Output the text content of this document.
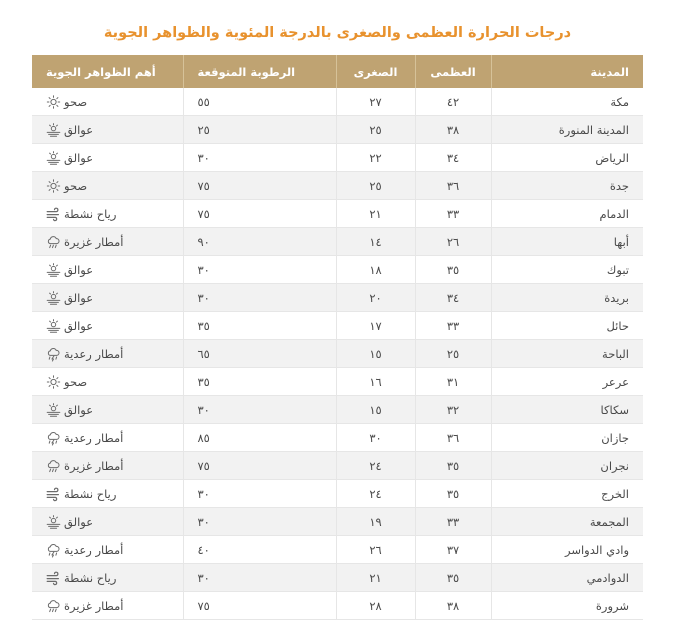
درجات الحرارة العظمى والصغرى بالدرجة المئوية والظواهر الجوية
المدينة	العظمى	الصغرى	الرطوبة المتوقعة	أهم الظواهر الجوية
مكة	٤٢	٢٧	٥٥	صحو

المدينة المنورة	٣٨	٢٥	٢٥	عوالق

الرياض	٣٤	٢٢	٣٠	عوالق

جدة	٣٦	٢٥	٧٥	صحو

الدمام	٣٣	٢١	٧٥	رياح نشطة

أبها	٢٦	١٤	٩٠	أمطار غزيرة

تبوك	٣٥	١٨	٣٠	عوالق

بريدة	٣٤	٢٠	٣٠	عوالق

حائل	٣٣	١٧	٣٥	عوالق

الباحة	٢٥	١٥	٦٥	أمطار رعدية

عرعر	٣١	١٦	٣٥	صحو

سكاكا	٣٢	١٥	٣٠	عوالق

جازان	٣٦	٣٠	٨٥	أمطار رعدية

نجران	٣٥	٢٤	٧٥	أمطار غزيرة

الخرج	٣٥	٢٤	٣٠	رياح نشطة

المجمعة	٣٣	١٩	٣٠	عوالق

وادي الدواسر	٣٧	٢٦	٤٠	أمطار رعدية

الدوادمي	٣٥	٢١	٣٠	رياح نشطة

شرورة	٣٨	٢٨	٧٥	أمطار غزيرة
